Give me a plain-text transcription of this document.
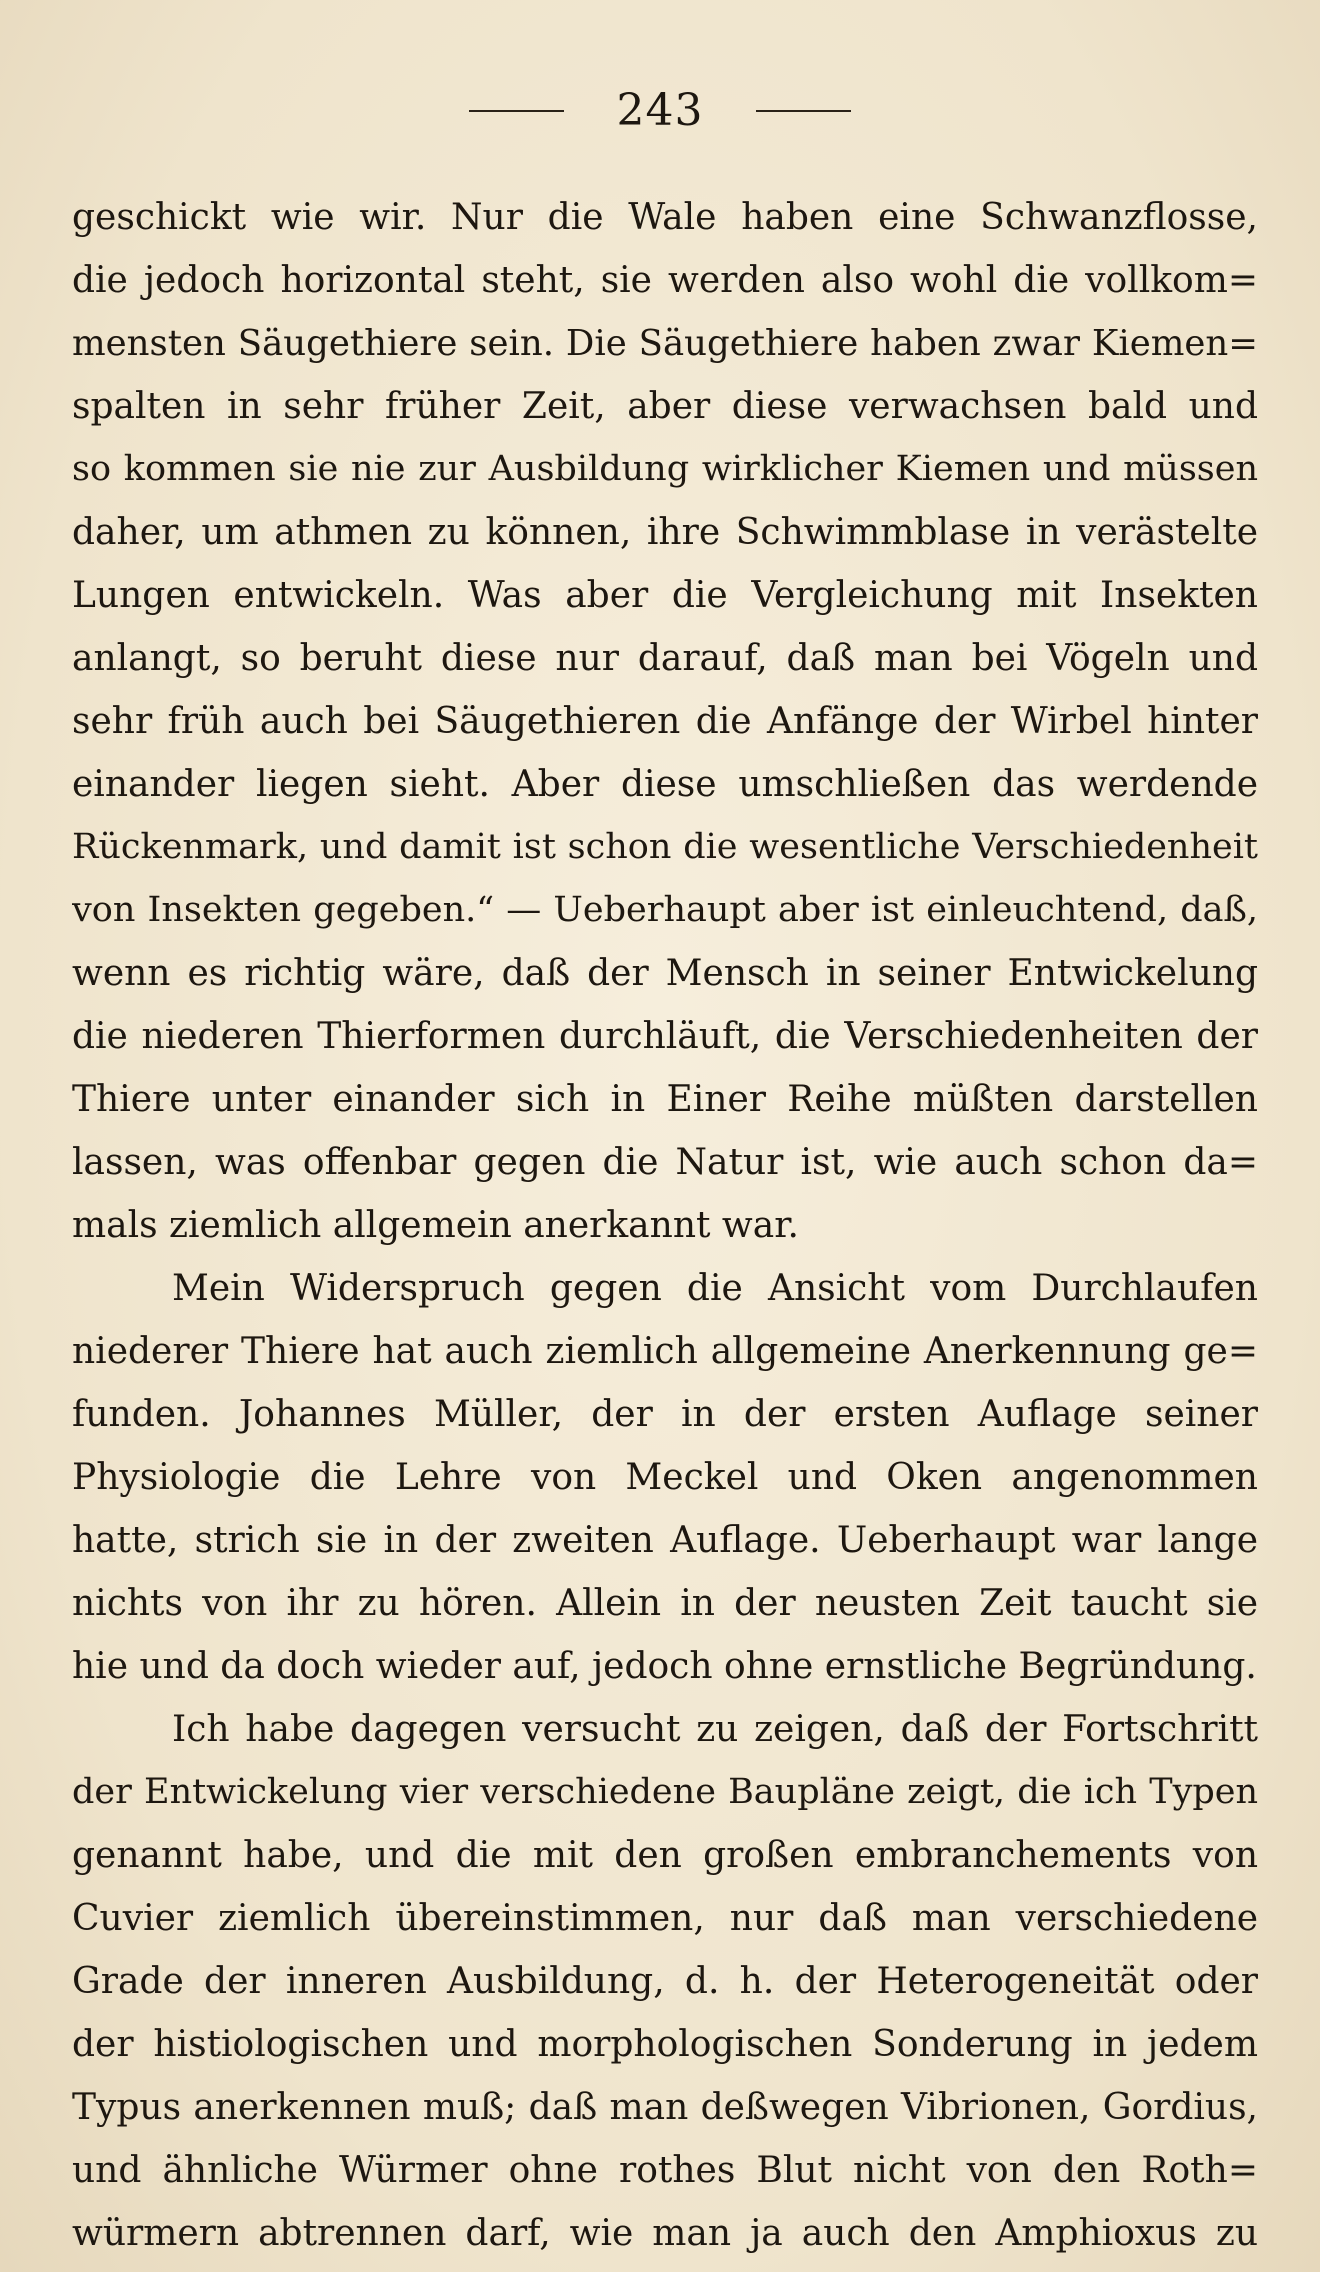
243
geschickt wie wir. Nur die Wale haben eine Schwanzflosse,
die jedoch horizontal steht, sie werden also wohl die vollkom=
mensten Säugethiere sein. Die Säugethiere haben zwar Kiemen=
spalten in sehr früher Zeit, aber diese verwachsen bald und
so kommen sie nie zur Ausbildung wirklicher Kiemen und müssen
daher, um athmen zu können, ihre Schwimmblase in verästelte
Lungen entwickeln. Was aber die Vergleichung mit Insekten
anlangt, so beruht diese nur darauf, daß man bei Vögeln und
sehr früh auch bei Säugethieren die Anfänge der Wirbel hinter
einander liegen sieht. Aber diese umschließen das werdende
Rückenmark, und damit ist schon die wesentliche Verschiedenheit
von Insekten gegeben.“ — Ueberhaupt aber ist einleuchtend, daß,
wenn es richtig wäre, daß der Mensch in seiner Entwickelung
die niederen Thierformen durchläuft, die Verschiedenheiten der
Thiere unter einander sich in Einer Reihe müßten darstellen
lassen, was offenbar gegen die Natur ist, wie auch schon da=
mals ziemlich allgemein anerkannt war.
Mein Widerspruch gegen die Ansicht vom Durchlaufen
niederer Thiere hat auch ziemlich allgemeine Anerkennung ge=
funden. Johannes Müller, der in der ersten Auflage seiner
Physiologie die Lehre von Meckel und Oken angenommen
hatte, strich sie in der zweiten Auflage. Ueberhaupt war lange
nichts von ihr zu hören. Allein in der neusten Zeit taucht sie
hie und da doch wieder auf, jedoch ohne ernstliche Begründung.
Ich habe dagegen versucht zu zeigen, daß der Fortschritt
der Entwickelung vier verschiedene Baupläne zeigt, die ich Typen
genannt habe, und die mit den großen embranchements von
Cuvier ziemlich übereinstimmen, nur daß man verschiedene
Grade der inneren Ausbildung, d. h. der Heterogeneität oder
der histiologischen und morphologischen Sonderung in jedem
Typus anerkennen muß; daß man deßwegen Vibrionen, Gordius,
und ähnliche Würmer ohne rothes Blut nicht von den Roth=
würmern abtrennen darf, wie man ja auch den Amphioxus zu
